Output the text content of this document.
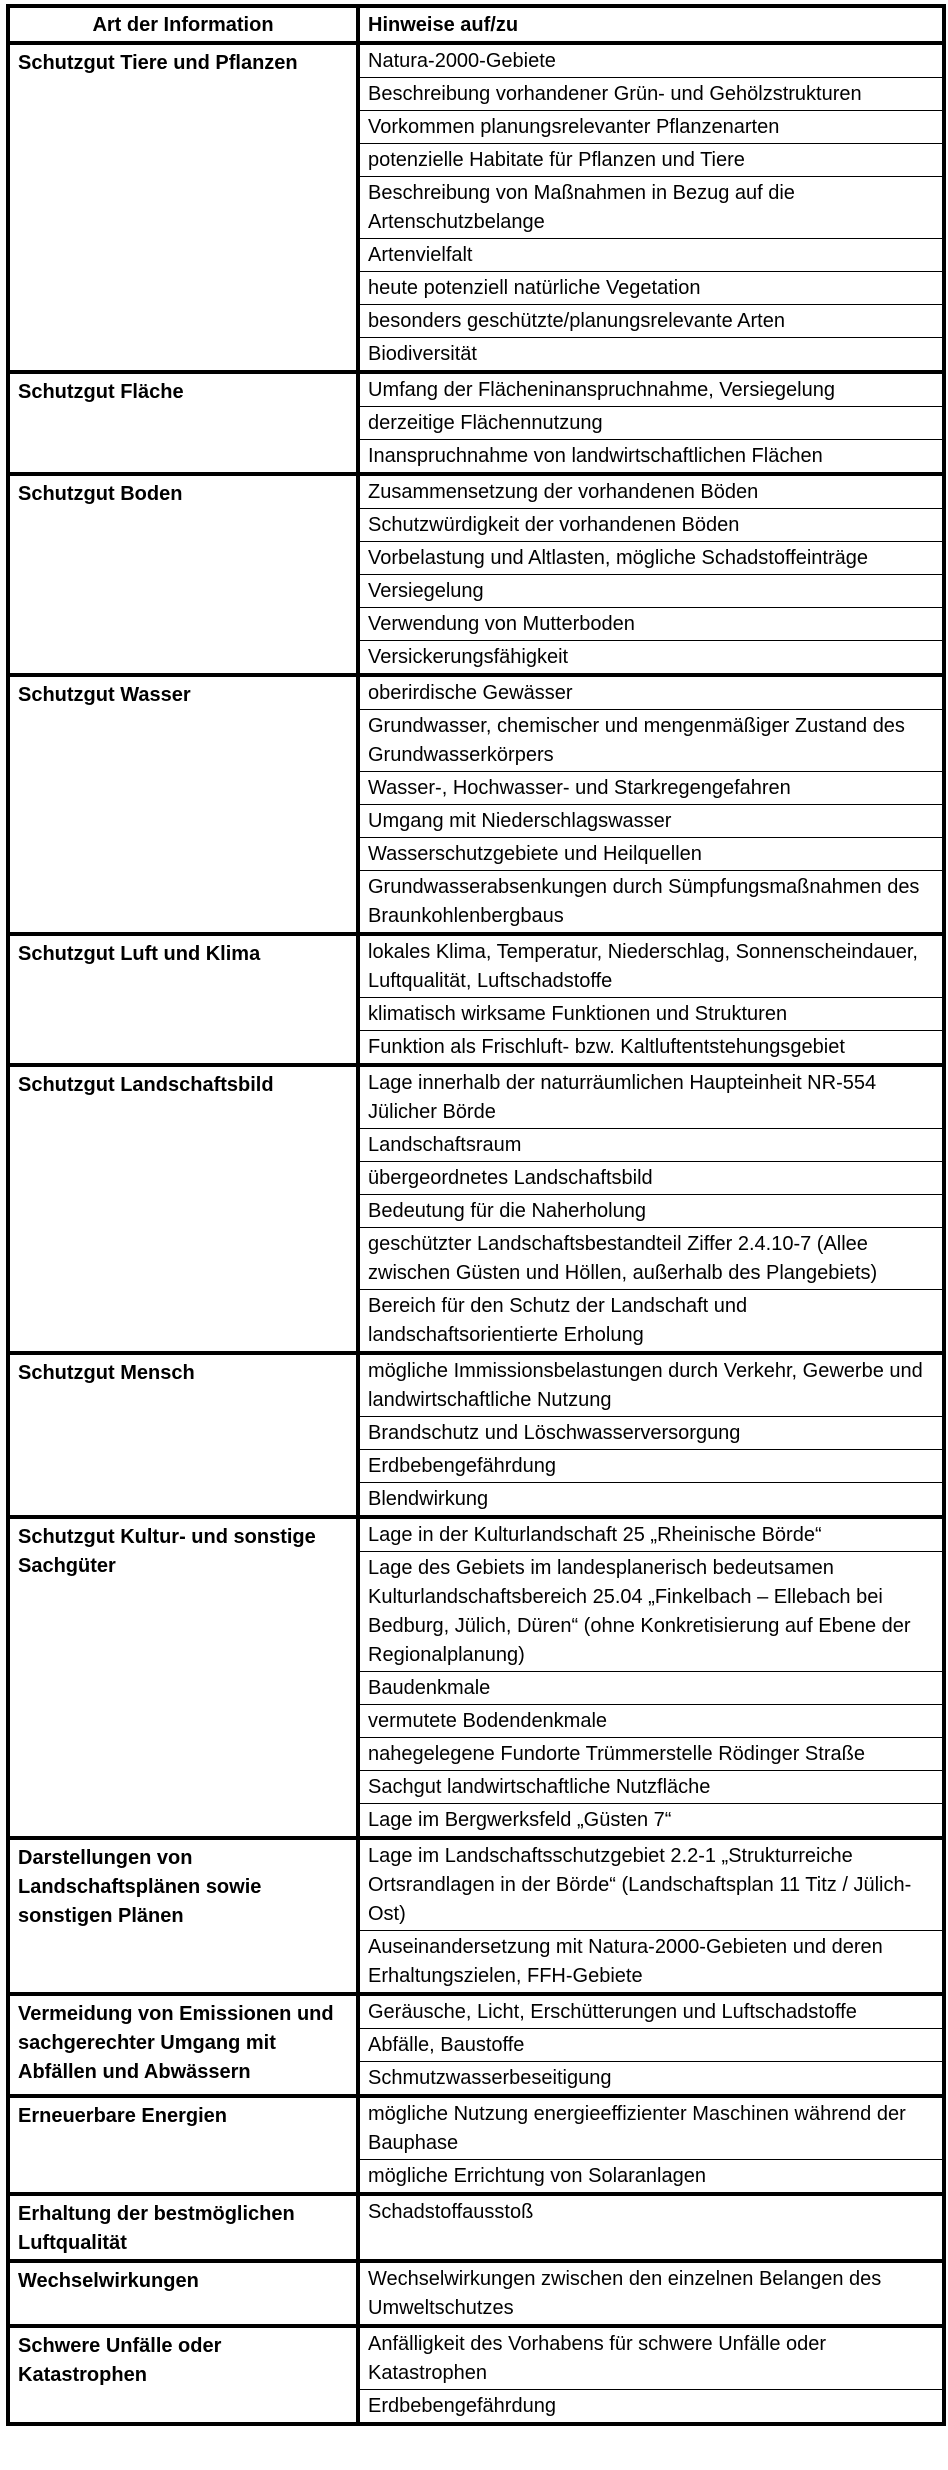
Art der Information	Hinweise auf/zu
Schutzgut Tiere und Pflanzen	Natura-2000-Gebiete
	Beschreibung vorhandener Grün- und Gehölzstrukturen
	Vorkommen planungsrelevanter Pflanzenarten
	potenzielle Habitate für Pflanzen und Tiere
	Beschreibung von Maßnahmen in Bezug auf die Artenschutzbelange
	Artenvielfalt
	heute potenziell natürliche Vegetation
	besonders geschützte/planungsrelevante Arten
	Biodiversität
Schutzgut Fläche	Umfang der Flächeninanspruchnahme, Versiegelung
	derzeitige Flächennutzung
	Inanspruchnahme von landwirtschaftlichen Flächen
Schutzgut Boden	Zusammensetzung der vorhandenen Böden
	Schutzwürdigkeit der vorhandenen Böden
	Vorbelastung und Altlasten, mögliche Schadstoffeinträge
	Versiegelung
	Verwendung von Mutterboden
	Versickerungsfähigkeit
Schutzgut Wasser	oberirdische Gewässer
	Grundwasser, chemischer und mengenmäßiger Zustand des Grundwasserkörpers
	Wasser-, Hochwasser- und Starkregengefahren
	Umgang mit Niederschlagswasser
	Wasserschutzgebiete und Heilquellen
	Grundwasserabsenkungen durch Sümpfungsmaßnahmen des Braunkohlenbergbaus
Schutzgut Luft und Klima	lokales Klima, Temperatur, Niederschlag, Sonnenscheindauer, Luftqualität, Luftschadstoffe
	klimatisch wirksame Funktionen und Strukturen
	Funktion als Frischluft- bzw. Kaltluftentstehungsgebiet
Schutzgut Landschaftsbild	Lage innerhalb der naturräumlichen Haupteinheit NR-554 Jülicher Börde
	Landschaftsraum
	übergeordnetes Landschaftsbild
	Bedeutung für die Naherholung
	geschützter Landschaftsbestandteil Ziffer 2.4.10-7 (Allee zwischen Güsten und Höllen, außerhalb des Plangebiets)
	Bereich für den Schutz der Landschaft und landschaftsorientierte Erholung
Schutzgut Mensch	mögliche Immissionsbelastungen durch Verkehr, Gewerbe und landwirtschaftliche Nutzung
	Brandschutz und Löschwasserversorgung
	Erdbebengefährdung
	Blendwirkung
Schutzgut Kultur- und sonstige Sachgüter	Lage in der Kulturlandschaft 25 „Rheinische Börde“
	Lage des Gebiets im landesplanerisch bedeutsamen Kulturlandschaftsbereich 25.04 „Finkelbach – Ellebach bei Bedburg, Jülich, Düren“ (ohne Konkretisierung auf Ebene der Regionalplanung)
	Baudenkmale
	vermutete Bodendenkmale
	nahegelegene Fundorte Trümmerstelle Rödinger Straße
	Sachgut landwirtschaftliche Nutzfläche
	Lage im Bergwerksfeld „Güsten 7“
Darstellungen von Landschaftsplänen sowie sonstigen Plänen	Lage im Landschaftsschutzgebiet 2.2-1 „Strukturreiche Ortsrandlagen in der Börde“ (Landschaftsplan 11 Titz / Jülich-Ost)
	Auseinandersetzung mit Natura-2000-Gebieten und deren Erhaltungszielen, FFH-Gebiete
Vermeidung von Emissionen und sachgerechter Umgang mit Abfällen und Abwässern	Geräusche, Licht, Erschütterungen und Luftschadstoffe
	Abfälle, Baustoffe
	Schmutzwasserbeseitigung
Erneuerbare Energien	mögliche Nutzung energieeffizienter Maschinen während der Bauphase
	mögliche Errichtung von Solaranlagen
Erhaltung der bestmöglichen Luftqualität	Schadstoffausstoß
Wechselwirkungen	Wechselwirkungen zwischen den einzelnen Belangen des Umweltschutzes
Schwere Unfälle oder Katastrophen	Anfälligkeit des Vorhabens für schwere Unfälle oder Katastrophen
	Erdbebengefährdung
